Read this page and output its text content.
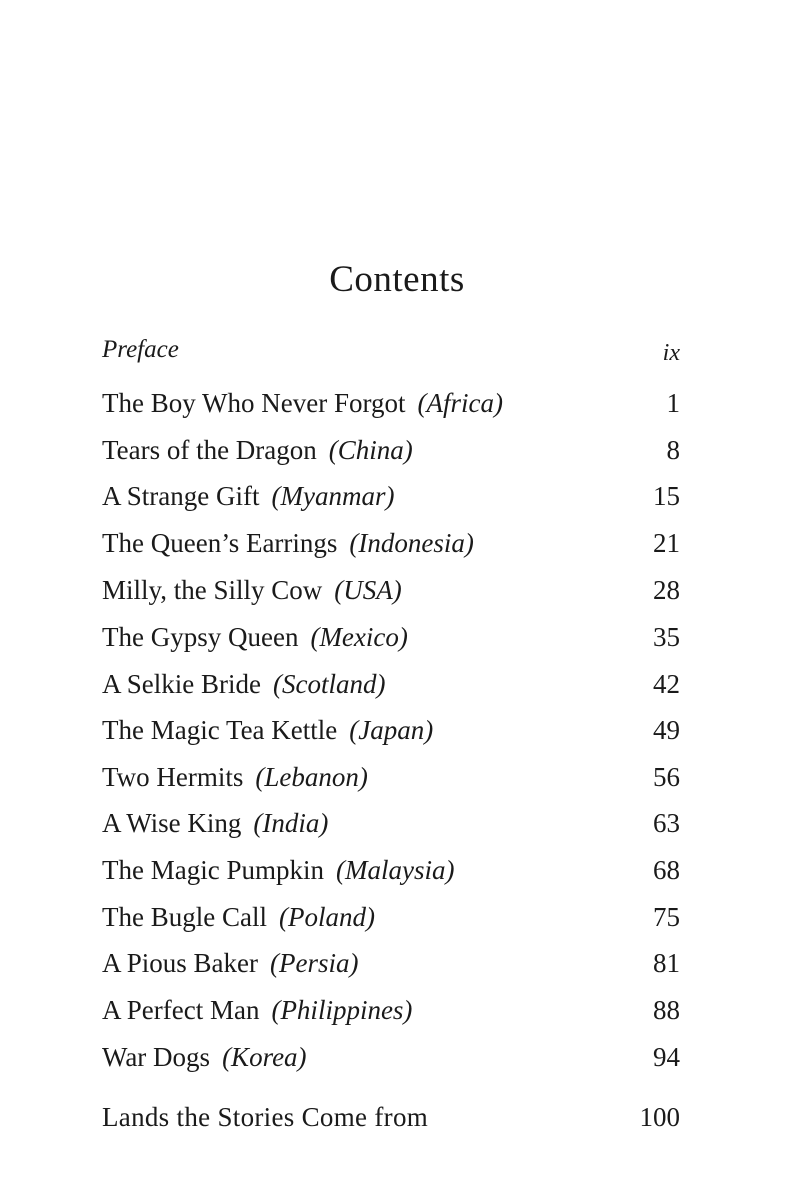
Contents
Preface	ix
The Boy Who Never Forgot (Africa)	1
Tears of the Dragon (China)	8
A Strange Gift (Myanmar)	15
The Queen’s Earrings (Indonesia)	21
Milly, the Silly Cow (USA)	28
The Gypsy Queen (Mexico)	35
A Selkie Bride (Scotland)	42
The Magic Tea Kettle (Japan)	49
Two Hermits (Lebanon)	56
A Wise King (India)	63
The Magic Pumpkin (Malaysia)	68
The Bugle Call (Poland)	75
A Pious Baker (Persia)	81
A Perfect Man (Philippines)	88
War Dogs (Korea)	94
Lands the Stories Come from	100
